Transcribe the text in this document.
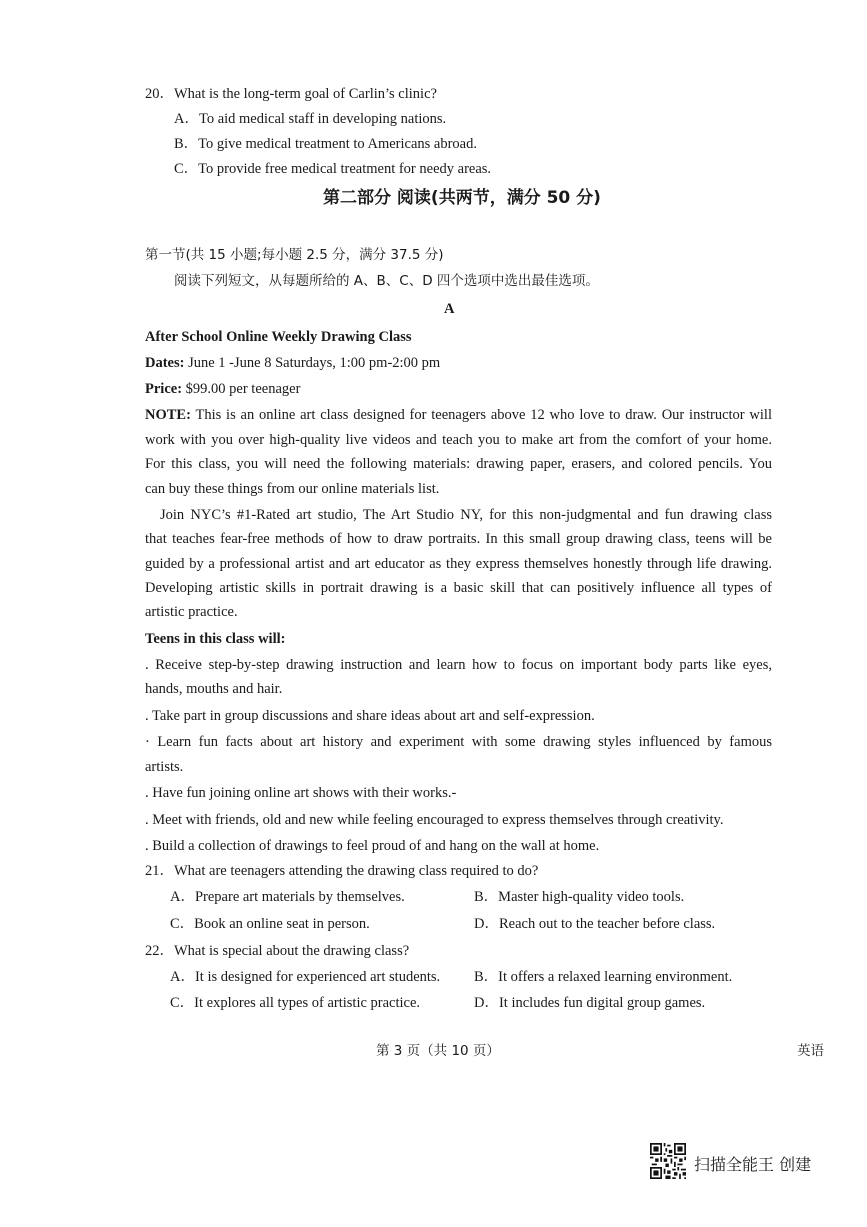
20．What is the long-term goal of Carlin’s clinic?
A．To aid medical staff in developing nations.
B．To give medical treatment to Americans abroad.
C．To provide free medical treatment for needy areas.
第二部分 阅读(共两节，满分 50 分)
第一节(共 15 小题;每小题 2.5 分，满分 37.5 分)
阅读下列短文，从每题所给的 A、B、C、D 四个选项中选出最佳选项。
A
After School Online Weekly Drawing Class
Dates: June 1 -June 8 Saturdays, 1:00 pm-2:00 pm
Price: $99.00 per teenager
NOTE: This is an online art class designed for teenagers above 12 who love to draw. Our instructor will
work with you over high-quality live videos and teach you to make art from the comfort of your home.
For this class, you will need the following materials: drawing paper, erasers, and colored pencils. You
can buy these things from our online materials list.
Join NYC’s #1-Rated art studio, The Art Studio NY, for this non-judgmental and fun drawing class
that teaches fear-free methods of how to draw portraits. In this small group drawing class, teens will be
guided by a professional artist and art educator as they express themselves honestly through life drawing.
Developing artistic skills in portrait drawing is a basic skill that can positively influence all types of
artistic practice.
Teens in this class will:
. Receive step-by-step drawing instruction and learn how to focus on important body parts like eyes,
hands, mouths and hair.
. Take part in group discussions and share ideas about art and self-expression.
· Learn fun facts about art history and experiment with some drawing styles influenced by famous
artists.
. Have fun joining online art shows with their works.-
. Meet with friends, old and new while feeling encouraged to express themselves through creativity.
. Build a collection of drawings to feel proud of and hang on the wall at home.
21．What are teenagers attending the drawing class required to do?
A．Prepare art materials by themselves.	B．Master high-quality video tools.
C．Book an online seat in person.	D．Reach out to the teacher before class.
22．What is special about the drawing class?
A．It is designed for experienced art students. B．It offers a relaxed learning environment.
C．It explores all types of artistic practice.	D．It includes fun digital group games.
第 3 页（共 10 页）	英语
扫描全能王 创建
